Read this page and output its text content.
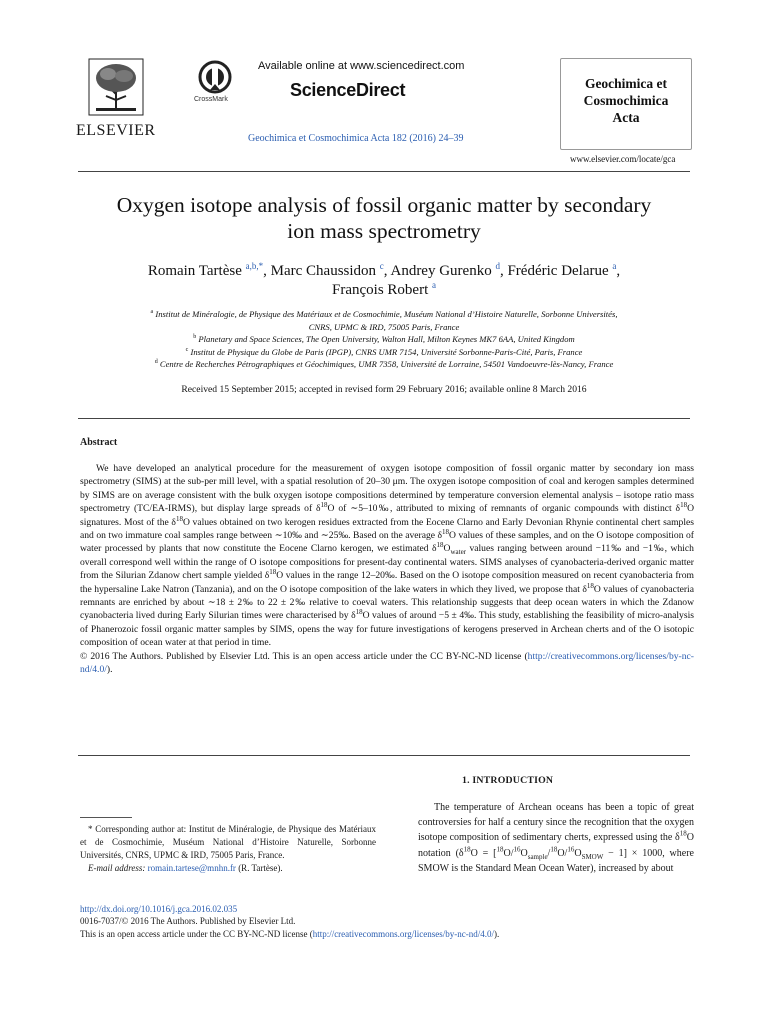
ELSEVIER
CrossMark
Available online at www.sciencedirect.com
ScienceDirect
Geochimica et Cosmochimica Acta 182 (2016) 24–39
Geochimica et
Cosmochimica
Acta
www.elsevier.com/locate/gca
Oxygen isotope analysis of fossil organic matter by secondary
ion mass spectrometry
Romain Tartèse $^{a,b,*}$, Marc Chaussidon $^c$, Andrey Gurenko $^d$, Frédéric Delarue $^a$,
François Robert $^a$
$^a$ Institut de Minéralogie, de Physique des Matériaux et de Cosmochimie, Muséum National d’Histoire Naturelle, Sorbonne Universités,
CNRS, UPMC & IRD, 75005 Paris, France
$^b$ Planetary and Space Sciences, The Open University, Walton Hall, Milton Keynes MK7 6AA, United Kingdom
$^c$ Institut de Physique du Globe de Paris (IPGP), CNRS UMR 7154, Université Sorbonne-Paris-Cité, Paris, France
$^d$ Centre de Recherches Pétrographiques et Géochimiques, UMR 7358, Université de Lorraine, 54501 Vandoeuvre-lès-Nancy, France
Received 15 September 2015; accepted in revised form 29 February 2016; available online 8 March 2016
Abstract

We have developed an analytical procedure for the measurement of oxygen isotope composition of fossil organic matter by secondary ion mass spectrometry (SIMS) at the sub-per mill level, with a spatial resolution of 20–30 μm. The oxygen isotope composition of coal and kerogen samples determined by SIMS are on average consistent with the bulk oxygen isotope compositions determined by temperature conversion elemental analysis – isotope ratio mass spectrometry (TC/EA-IRMS), but display large spreads of $\delta^{18}O$ of ∼5–10‰, attributed to mixing of remnants of organic compounds with distinct $\delta^{18}O$ signatures. Most of the $\delta^{18}O$ values obtained on two kerogen residues extracted from the Eocene Clarno and Early Devonian Rhynie continental chert samples and on two immature coal samples range between ∼10‰ and ∼25‰. Based on the average $\delta^{18}O$ values of these samples, and on the O isotope composition of water processed by plants that now constitute the Eocene Clarno kerogen, we estimated $\delta^{18}O_{water}$ values ranging between around −11‰ and −1‰, which overall correspond well within the range of O isotope compositions for present-day continental waters. SIMS analyses of cyanobacteria-derived organic matter from the Silurian Zdanow chert sample yielded $\delta^{18}O$ values in the range 12–20‰. Based on the O isotope composition measured on recent cyanobacteria from the hypersaline Lake Natron (Tanzania), and on the O isotope composition of the lake waters in which they lived, we propose that $\delta^{18}O$ values of cyanobacteria remnants are enriched by about ∼18 ± 2‰ to 22 ± 2‰ relative to coeval waters. This relationship suggests that deep ocean waters in which the Zdanow cyanobacteria lived during Early Silurian times were characterised by $\delta^{18}O$ values of around −5 ± 4‰. This study, establishing the feasibility of micro-analysis of Phanerozoic fossil organic matter samples by SIMS, opens the way for future investigations of kerogens preserved in Archean cherts and of the O isotopic composition of ocean water at that period in time.

© 2016 The Authors. Published by Elsevier Ltd. This is an open access article under the CC BY-NC-ND license (http://creativecommons.org/licenses/by-nc-nd/4.0/).

1. INTRODUCTION

The temperature of Archean oceans has been a topic of great controversies for half a century since the recognition that the oxygen isotope composition of sedimentary cherts, expressed using the $\delta^{18}O$ notation ($\delta^{18}O = [^{18}O/^{16}O_{sample}/^{18}O/^{16}O_{SMOW} - 1] \times 1000$, where SMOW is the Standard Mean Ocean Water), increased by about

* Corresponding author at: Institut de Minéralogie, de Physique des Matériaux et de Cosmochimie, Muséum National d’Histoire Naturelle, Sorbonne Universités, CNRS, UPMC & IRD, 75005 Paris, France.

E-mail address: romain.tartese@mnhn.fr (R. Tartèse).

http://dx.doi.org/10.1016/j.gca.2016.02.035
0016-7037/© 2016 The Authors. Published by Elsevier Ltd.
This is an open access article under the CC BY-NC-ND license (http://creativecommons.org/licenses/by-nc-nd/4.0/).
